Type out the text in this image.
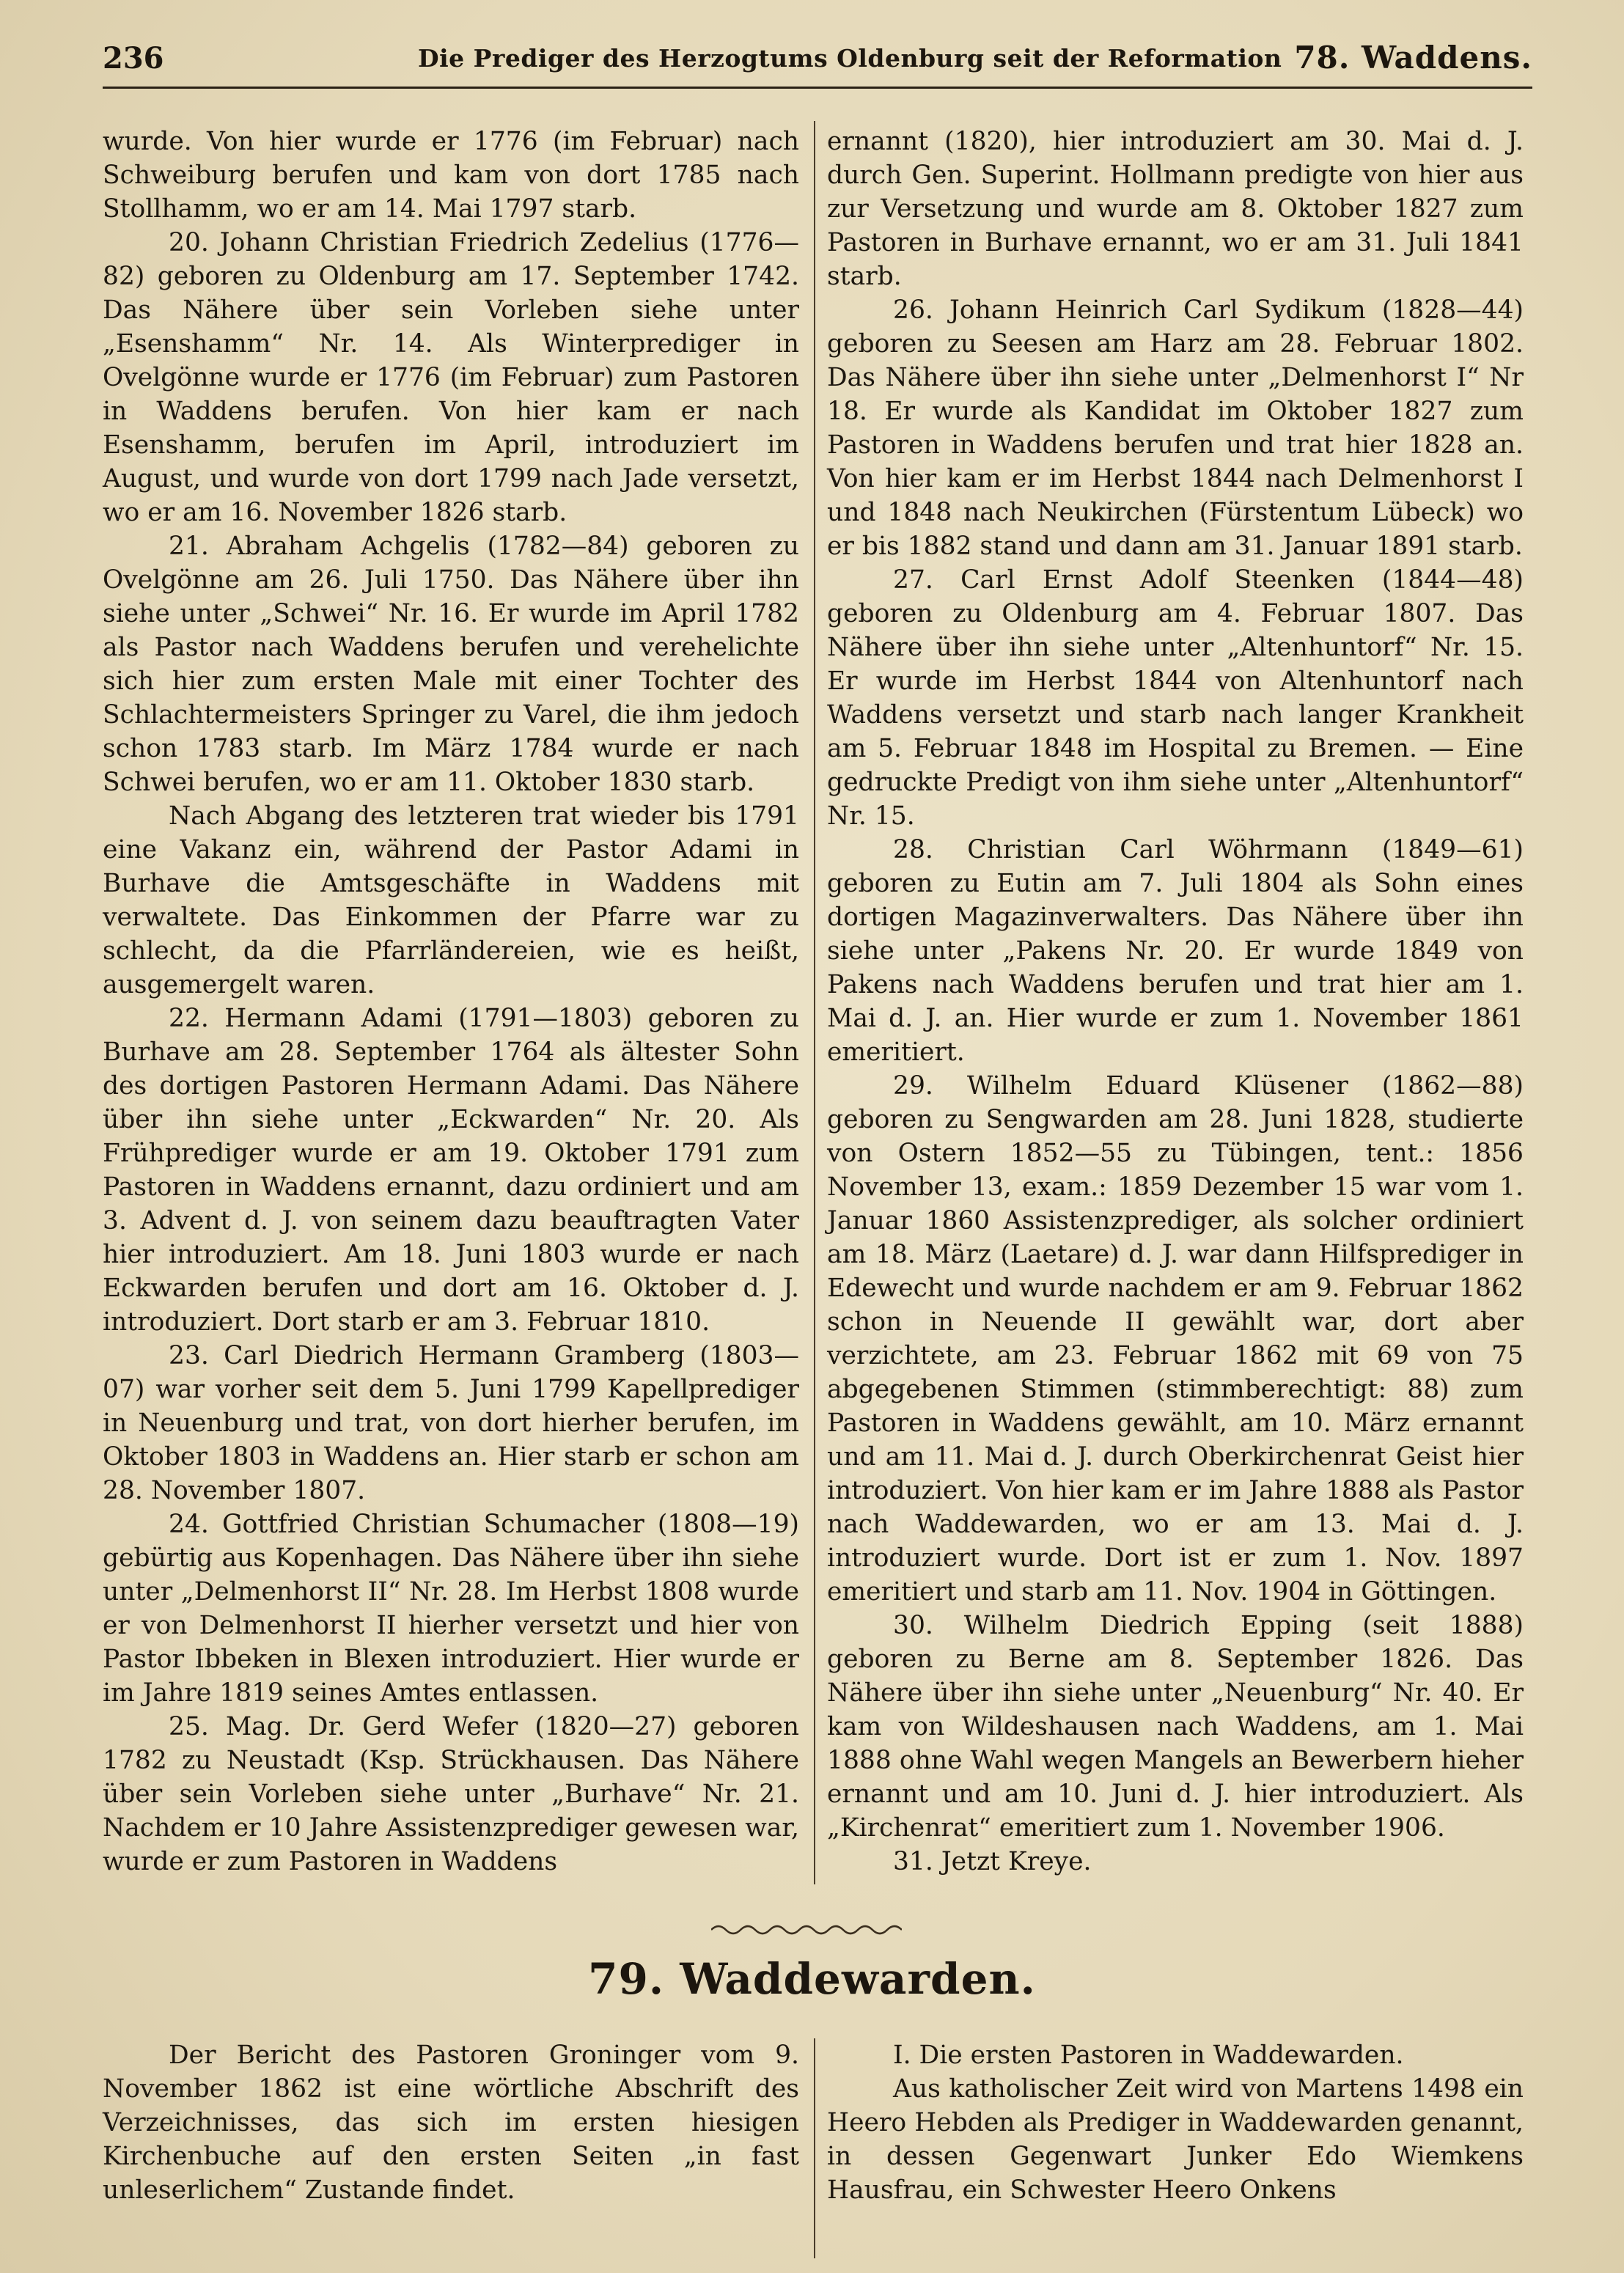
236	Die Prediger des Herzogtums Oldenburg seit der Reformation 78. Waddens.

wurde. Von hier wurde er 1776 (im Februar) nach Schweiburg berufen und kam von dort 1785 nach Stollhamm, wo er am 14. Mai 1797 starb.

20. Johann Christian Friedrich Zedelius (1776—82) geboren zu Oldenburg am 17. September 1742. Das Nähere über sein Vorleben siehe unter „Esenshamm“ Nr. 14. Als Winterprediger in Ovelgönne wurde er 1776 (im Februar) zum Pastoren in Waddens berufen. Von hier kam er nach Esenshamm, berufen im April, introduziert im August, und wurde von dort 1799 nach Jade versetzt, wo er am 16. November 1826 starb.

21. Abraham Achgelis (1782—84) geboren zu Ovelgönne am 26. Juli 1750. Das Nähere über ihn siehe unter „Schwei“ Nr. 16. Er wurde im April 1782 als Pastor nach Waddens berufen und verehelichte sich hier zum ersten Male mit einer Tochter des Schlachtermeisters Springer zu Varel, die ihm jedoch schon 1783 starb. Im März 1784 wurde er nach Schwei berufen, wo er am 11. Oktober 1830 starb.

Nach Abgang des letzteren trat wieder bis 1791 eine Vakanz ein, während der Pastor Adami in Burhave die Amtsgeschäfte in Waddens mit verwaltete. Das Einkommen der Pfarre war zu schlecht, da die Pfarrländereien, wie es heißt, ausgemergelt waren.

22. Hermann Adami (1791—1803) geboren zu Burhave am 28. September 1764 als ältester Sohn des dortigen Pastoren Hermann Adami. Das Nähere über ihn siehe unter „Eckwarden“ Nr. 20. Als Frühprediger wurde er am 19. Oktober 1791 zum Pastoren in Waddens ernannt, dazu ordiniert und am 3. Advent d. J. von seinem dazu beauftragten Vater hier introduziert. Am 18. Juni 1803 wurde er nach Eckwarden berufen und dort am 16. Oktober d. J. introduziert. Dort starb er am 3. Februar 1810.

23. Carl Diedrich Hermann Gramberg (1803—07) war vorher seit dem 5. Juni 1799 Kapellprediger in Neuenburg und trat, von dort hierher berufen, im Oktober 1803 in Waddens an. Hier starb er schon am 28. November 1807.

24. Gottfried Christian Schumacher (1808—19) gebürtig aus Kopenhagen. Das Nähere über ihn siehe unter „Delmenhorst II“ Nr. 28. Im Herbst 1808 wurde er von Delmenhorst II hierher versetzt und hier von Pastor Ibbeken in Blexen introduziert. Hier wurde er im Jahre 1819 seines Amtes entlassen.

25. Mag. Dr. Gerd Wefer (1820—27) geboren 1782 zu Neustadt (Ksp. Strückhausen. Das Nähere über sein Vorleben siehe unter „Burhave“ Nr. 21. Nachdem er 10 Jahre Assistenzprediger gewesen war, wurde er zum Pastoren in Waddens

ernannt (1820), hier introduziert am 30. Mai d. J. durch Gen. Superint. Hollmann predigte von hier aus zur Versetzung und wurde am 8. Oktober 1827 zum Pastoren in Burhave ernannt, wo er am 31. Juli 1841 starb.

26. Johann Heinrich Carl Sydikum (1828—44) geboren zu Seesen am Harz am 28. Februar 1802. Das Nähere über ihn siehe unter „Delmenhorst I“ Nr 18. Er wurde als Kandidat im Oktober 1827 zum Pastoren in Waddens berufen und trat hier 1828 an. Von hier kam er im Herbst 1844 nach Delmenhorst I und 1848 nach Neukirchen (Fürstentum Lübeck) wo er bis 1882 stand und dann am 31. Januar 1891 starb.

27. Carl Ernst Adolf Steenken (1844—48) geboren zu Oldenburg am 4. Februar 1807. Das Nähere über ihn siehe unter „Altenhuntorf“ Nr. 15. Er wurde im Herbst 1844 von Altenhuntorf nach Waddens versetzt und starb nach langer Krankheit am 5. Februar 1848 im Hospital zu Bremen. — Eine gedruckte Predigt von ihm siehe unter „Altenhuntorf“ Nr. 15.

28. Christian Carl Wöhrmann (1849—61) geboren zu Eutin am 7. Juli 1804 als Sohn eines dortigen Magazinverwalters. Das Nähere über ihn siehe unter „Pakens Nr. 20. Er wurde 1849 von Pakens nach Waddens berufen und trat hier am 1. Mai d. J. an. Hier wurde er zum 1. November 1861 emeritiert.

29. Wilhelm Eduard Klüsener (1862—88) geboren zu Sengwarden am 28. Juni 1828, studierte von Ostern 1852—55 zu Tübingen, tent.: 1856 November 13, exam.: 1859 Dezember 15 war vom 1. Januar 1860 Assistenzprediger, als solcher ordiniert am 18. März (Laetare) d. J. war dann Hilfsprediger in Edewecht und wurde nachdem er am 9. Februar 1862 schon in Neuende II gewählt war, dort aber verzichtete, am 23. Februar 1862 mit 69 von 75 abgegebenen Stimmen (stimmberechtigt: 88) zum Pastoren in Waddens gewählt, am 10. März ernannt und am 11. Mai d. J. durch Oberkirchenrat Geist hier introduziert. Von hier kam er im Jahre 1888 als Pastor nach Waddewarden, wo er am 13. Mai d. J. introduziert wurde. Dort ist er zum 1. Nov. 1897 emeritiert und starb am 11. Nov. 1904 in Göttingen.

30. Wilhelm Diedrich Epping (seit 1888) geboren zu Berne am 8. September 1826. Das Nähere über ihn siehe unter „Neuenburg“ Nr. 40. Er kam von Wildeshausen nach Waddens, am 1. Mai 1888 ohne Wahl wegen Mangels an Bewerbern hieher ernannt und am 10. Juni d. J. hier introduziert. Als „Kirchenrat“ emeritiert zum 1. November 1906.

31. Jetzt Kreye.

79. Waddewarden.

Der Bericht des Pastoren Groninger vom 9. November 1862 ist eine wörtliche Abschrift des Verzeichnisses, das sich im ersten hiesigen Kirchenbuche auf den ersten Seiten „in fast unleserlichem“ Zustande findet.

I. Die ersten Pastoren in Waddewarden.

Aus katholischer Zeit wird von Martens 1498 ein Heero Hebden als Prediger in Waddewarden genannt, in dessen Gegenwart Junker Edo Wiemkens Hausfrau, ein Schwester Heero Onkens
